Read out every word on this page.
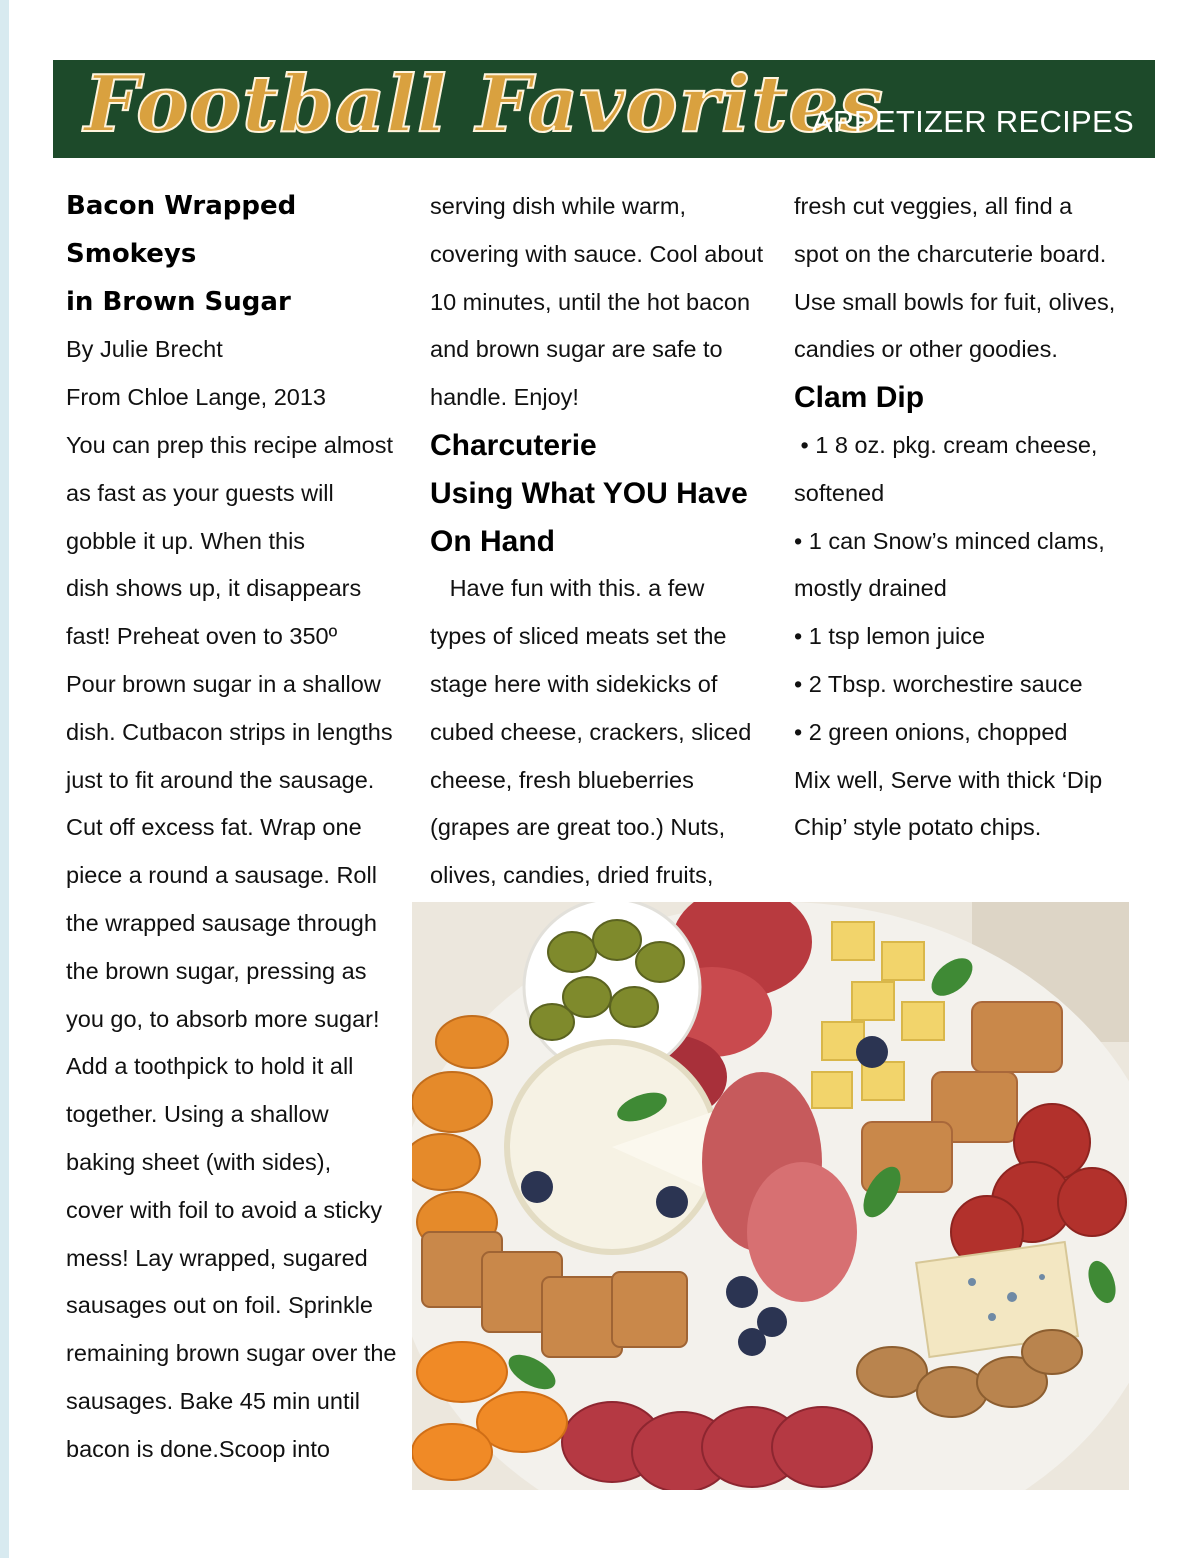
Football Favorites
APPETIZER RECIPES
Bacon Wrapped
Smokeys
in Brown Sugar
By Julie Brecht
From Chloe Lange, 2013
You can prep this recipe almost
as fast as your guests will
gobble it up. When this
dish shows up, it disappears
fast! Preheat oven to 350º
Pour brown sugar in a shallow
dish. Cutbacon strips in lengths
just to fit around the sausage.
Cut off excess fat. Wrap one
piece a round a sausage. Roll
the wrapped sausage through
the brown sugar, pressing as
you go, to absorb more sugar!
Add a toothpick to hold it all
together. Using a shallow
baking sheet (with sides),
cover with foil to avoid a sticky
mess! Lay wrapped, sugared
sausages out on foil. Sprinkle
remaining brown sugar over the
sausages. Bake 45 min until
bacon is done.Scoop into
serving dish while warm,
covering with sauce. Cool about
10 minutes, until the hot bacon
and brown sugar are safe to
handle. Enjoy!
Charcuterie
Using What YOU Have
On Hand
Have fun with this. a few
types of sliced meats set the
stage here with sidekicks of
cubed cheese, crackers, sliced
cheese, fresh blueberries
(grapes are great too.) Nuts,
olives, candies, dried fruits,
fresh cut veggies, all find a
spot on the charcuterie board.
Use small bowls for fuit, olives,
candies or other goodies.
Clam Dip
• 1 8 oz. pkg. cream cheese,
softened
• 1 can Snow’s minced clams,
mostly drained
• 1 tsp lemon juice
• 2 Tbsp. worchestire sauce
• 2 green onions, chopped
Mix well, Serve with thick ‘Dip
Chip’ style potato chips.
